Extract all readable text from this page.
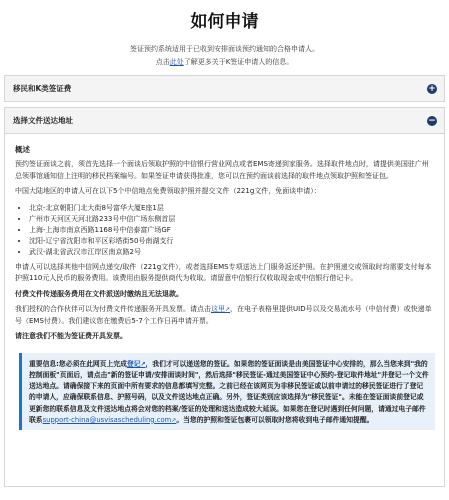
如何申请
签证预约系统适用于已收到安排面谈预约通知的合格申请人。
点击此处了解更多关于K签证申请人的信息。
移民和K类签证费	+
选择文件送达地址	−
概述

预约签证面谈之前，须首先选择一个面谈后领取护照的中信银行营业网点或者EMS寄递到家服务。选择取件地点时，请提供美国驻广州总领事馆通知信上注明的移民档案编号。如果签证申请获得批准，您可以在预约面谈前选择的取件地点领取护照和签证包。

中国大陆地区的申请人可在以下5个中信地点免费领取护照并提交文件（221g文件，免面谈申请）：

• 北京-北京朝阳门北大街8号富华大厦E座1层
• 广州市天河区天河北路233号中信广场东侧首层
• 上海-上海市南京西路1168号中信泰富广场GF
• 沈阳-辽宁省沈阳市和平区彩塔街50号南湖支行
• 武汉-湖北省武汉市江岸区南京路2号

申请人可以选择其他中信网点递交/取件（221g文件），或者选择EMS专项送达上门服务返还护照。在护照递交或领取时均需要支付每本护照110元人民币的服务费用。该费用由服务提供商代为收取。请留意中信银行仅收取现金或中信银行借记卡。

付费文件传递服务费用在文件派送时缴纳且无法退款。

我们授权的合作伙伴可以为付费文件传递服务开具发票。请点击这里↗，在电子表格里提供UID号以及交易流水号（中信付费）或快递单号（EMS付费）。我们建议您在缴费后5-7个工作日再申请开票。

请注意我们不能为签证费开具发票。

重要信息:您必须在此网页上完成登记↗，我们才可以递送您的签证。如果您的签证面谈是由美国签证中心安排的，那么当您来到"我的控制面板"页面后，请点击"新的签证申请/安排面谈时间"，然后选择"移民签证-通过美国签证中心预约-登记取件地址"并登记一个文件送达地点。请确保接下来的页面中所有要求的信息都填写完整。之前已经在该网页为非移民签证或以前申请过的移民签证进行了登记的申请人，应确保联系信息、护照号码，以及文件送达地点正确。另外，签证类别应该选择为"移民签证"。未能在签证面谈前登记或更新您的联系信息及文件送达地点将会对您的档案/签证的处理和送达造成较大延误。如果您在登记时遇到任何问题，请通过电子邮件联系support-china@usvisascheduling.com↗。当您的护照和签证包裹可以领取时您将收到电子邮件通知提醒。
